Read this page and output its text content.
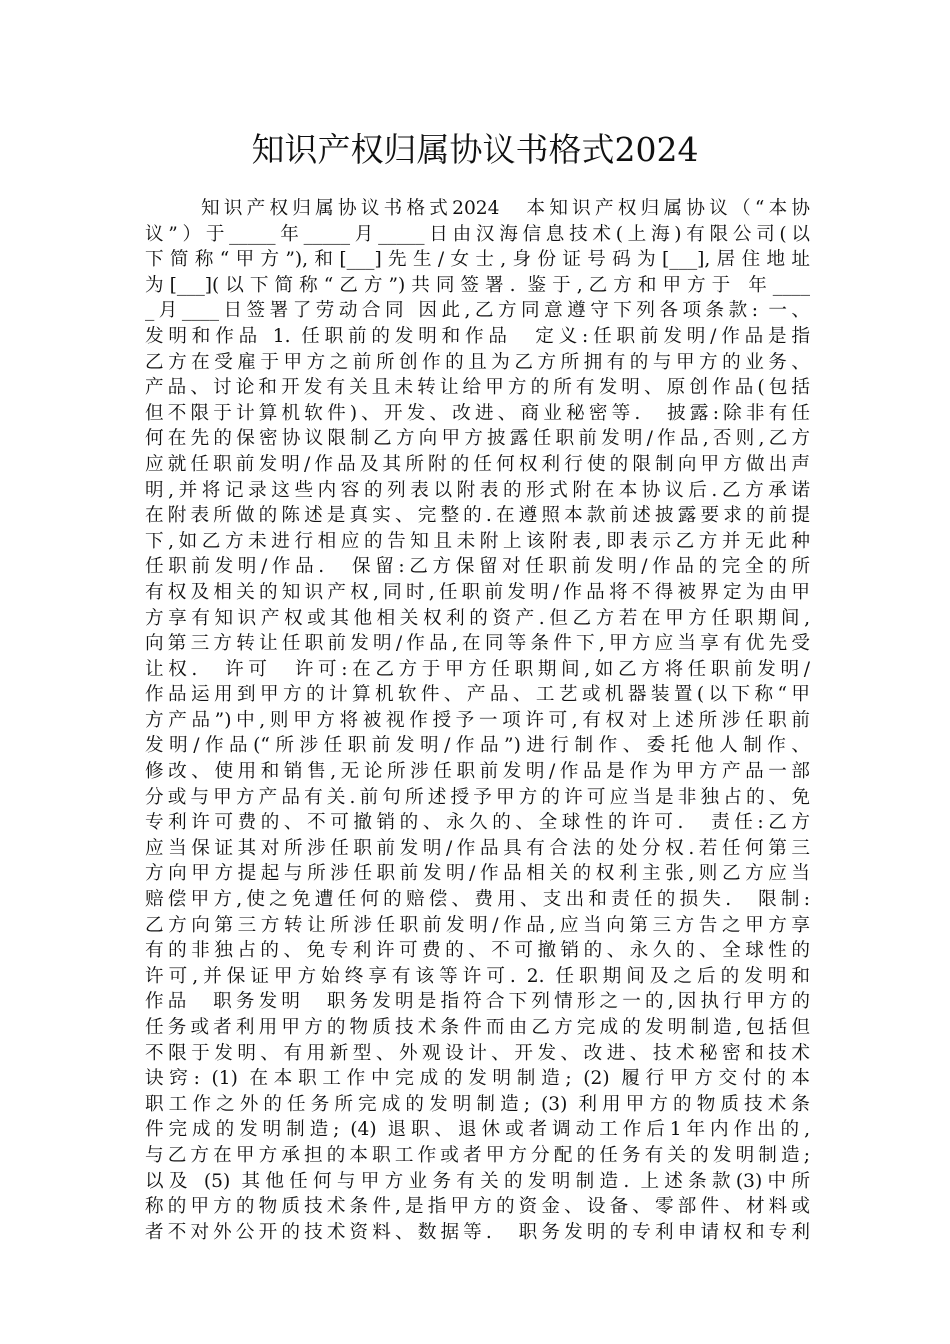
知识产权归属协议书格式2024
知识产权归属协议书格式2024　本知识产权归属协议（“本协
议”）于_____年_____月_____日由汉海信息技术(上海)有限公司(以
下简称“甲方”),和[___]先生/女士,身份证号码为[___],居住地址
为[___](以下简称“乙方”)共同签署. 鉴于,乙方和甲方于 年____
_月____日签署了劳动合同 因此,乙方同意遵守下列各项条款: 一、
发明和作品 1. 任职前的发明和作品　定义:任职前发明/作品是指
乙方在受雇于甲方之前所创作的且为乙方所拥有的与甲方的业务、
产品、讨论和开发有关且未转让给甲方的所有发明、原创作品(包括
但不限于计算机软件)、开发、改进、商业秘密等.　披露:除非有任
何在先的保密协议限制乙方向甲方披露任职前发明/作品,否则,乙方
应就任职前发明/作品及其所附的任何权利行使的限制向甲方做出声
明,并将记录这些内容的列表以附表的形式附在本协议后.乙方承诺
在附表所做的陈述是真实、完整的.在遵照本款前述披露要求的前提
下,如乙方未进行相应的告知且未附上该附表,即表示乙方并无此种
任职前发明/作品.　保留:乙方保留对任职前发明/作品的完全的所
有权及相关的知识产权,同时,任职前发明/作品将不得被界定为由甲
方享有知识产权或其他相关权利的资产.但乙方若在甲方任职期间,
向第三方转让任职前发明/作品,在同等条件下,甲方应当享有优先受
让权.　许可　许可:在乙方于甲方任职期间,如乙方将任职前发明/
作品运用到甲方的计算机软件、产品、工艺或机器装置(以下称“甲
方产品”)中,则甲方将被视作授予一项许可,有权对上述所涉任职前
发明/作品(“所涉任职前发明/作品”)进行制作、委托他人制作、
修改、使用和销售,无论所涉任职前发明/作品是作为甲方产品一部
分或与甲方产品有关.前句所述授予甲方的许可应当是非独占的、免
专利许可费的、不可撤销的、永久的、全球性的许可.　责任:乙方
应当保证其对所涉任职前发明/作品具有合法的处分权.若任何第三
方向甲方提起与所涉任职前发明/作品相关的权利主张,则乙方应当
赔偿甲方,使之免遭任何的赔偿、费用、支出和责任的损失.　限制:
乙方向第三方转让所涉任职前发明/作品,应当向第三方告之甲方享
有的非独占的、免专利许可费的、不可撤销的、永久的、全球性的
许可,并保证甲方始终享有该等许可. 2. 任职期间及之后的发明和
作品　职务发明　职务发明是指符合下列情形之一的,因执行甲方的
任务或者利用甲方的物质技术条件而由乙方完成的发明制造,包括但
不限于发明、有用新型、外观设计、开发、改进、技术秘密和技术
诀窍: (1) 在本职工作中完成的发明制造; (2) 履行甲方交付的本
职工作之外的任务所完成的发明制造; (3) 利用甲方的物质技术条
件完成的发明制造; (4) 退职、退休或者调动工作后1年内作出的,
与乙方在甲方承担的本职工作或者甲方分配的任务有关的发明制造;
以及 (5) 其他任何与甲方业务有关的发明制造. 上述条款(3)中所
称的甲方的物质技术条件,是指甲方的资金、设备、零部件、材料或
者不对外公开的技术资料、数据等.　职务发明的专利申请权和专利
